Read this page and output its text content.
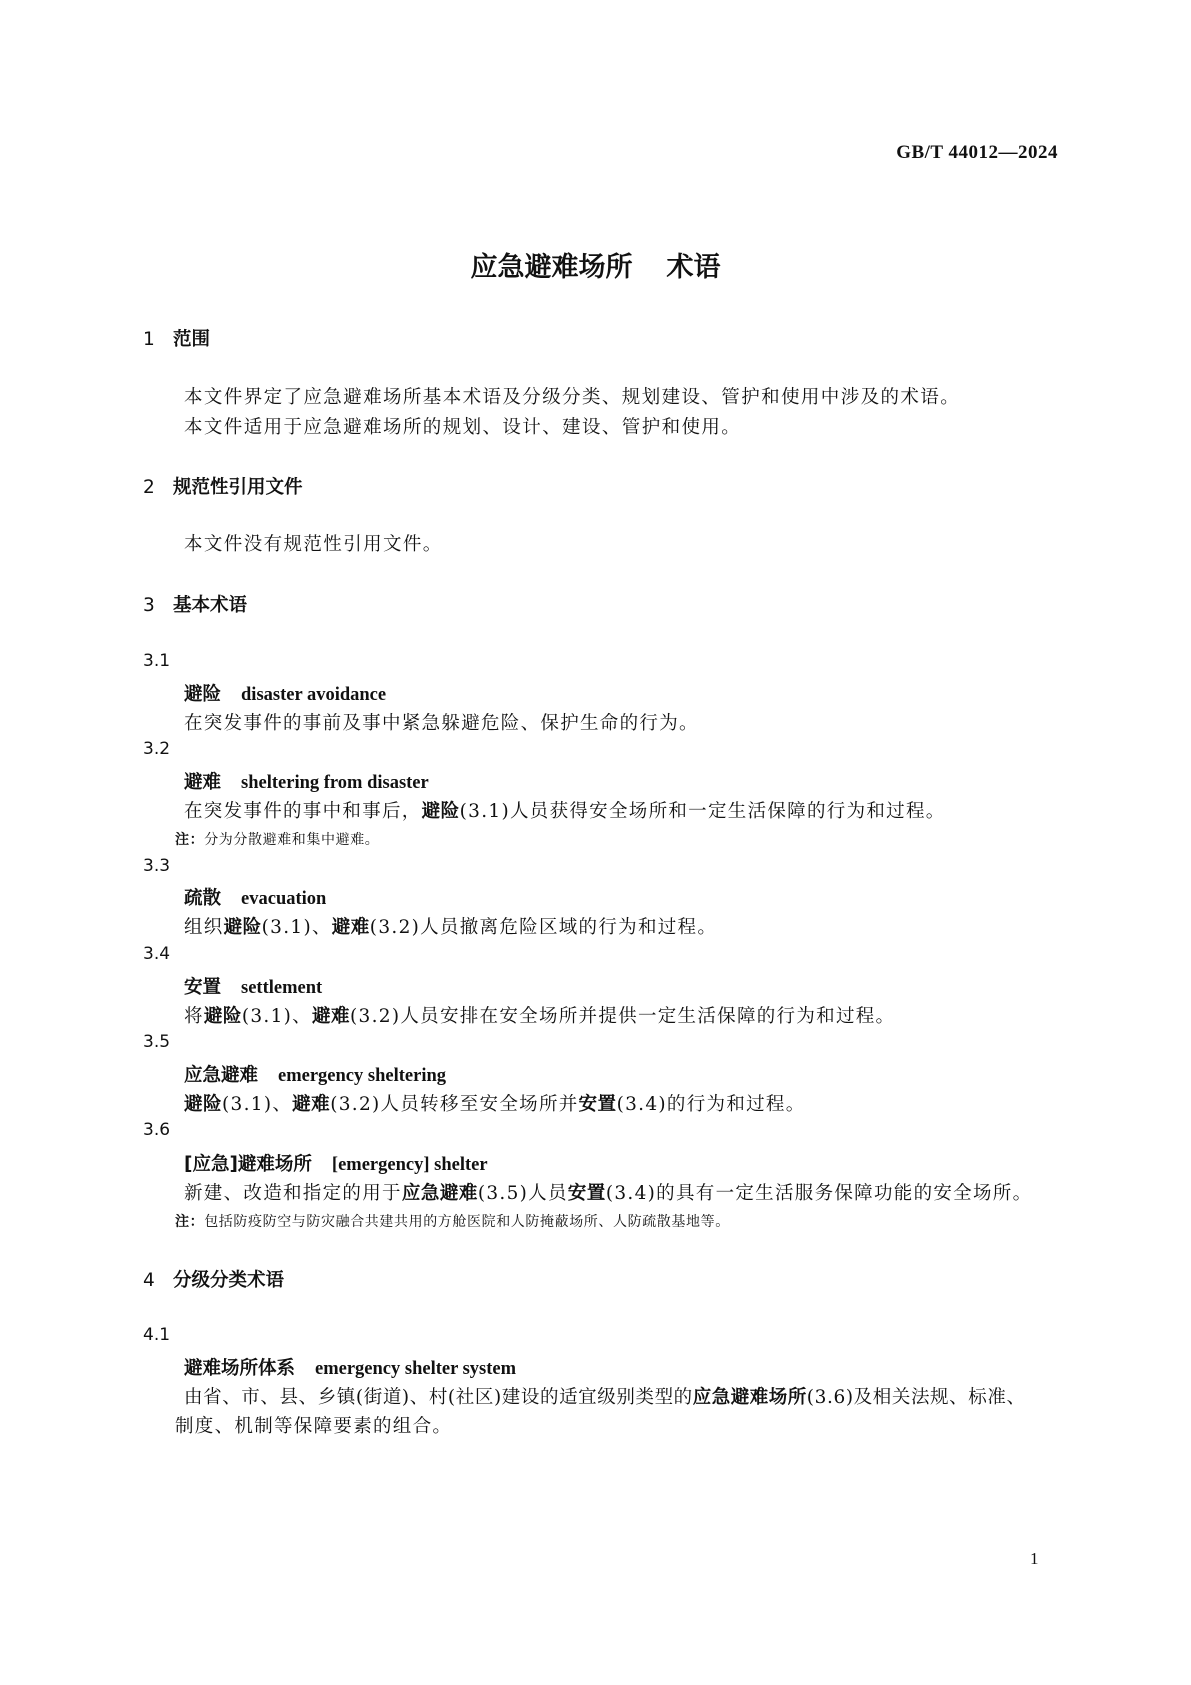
GB/T 44012—2024
应急避难场所 术语
1 范围
本文件界定了应急避难场所基本术语及分级分类、规划建设、管护和使用中涉及的术语。
本文件适用于应急避难场所的规划、设计、建设、管护和使用。
2 规范性引用文件
本文件没有规范性引用文件。
3 基本术语
3.1
避险 disaster avoidance
在突发事件的事前及事中紧急躲避危险、保护生命的行为。
3.2
避难 sheltering from disaster
在突发事件的事中和事后，避险(3.1)人员获得安全场所和一定生活保障的行为和过程。
注：分为分散避难和集中避难。
3.3
疏散 evacuation
组织避险(3.1)、避难(3.2)人员撤离危险区域的行为和过程。
3.4
安置 settlement
将避险(3.1)、避难(3.2)人员安排在安全场所并提供一定生活保障的行为和过程。
3.5
应急避难 emergency sheltering
避险(3.1)、避难(3.2)人员转移至安全场所并安置(3.4)的行为和过程。
3.6
[应急]避难场所 [emergency] shelter
新建、改造和指定的用于应急避难(3.5)人员安置(3.4)的具有一定生活服务保障功能的安全场所。
注：包括防疫防空与防灾融合共建共用的方舱医院和人防掩蔽场所、人防疏散基地等。
4 分级分类术语
4.1
避难场所体系 emergency shelter system
由省、市、县、乡镇(街道)、村(社区)建设的适宜级别类型的应急避难场所(3.6)及相关法规、标准、
制度、机制等保障要素的组合。
1
